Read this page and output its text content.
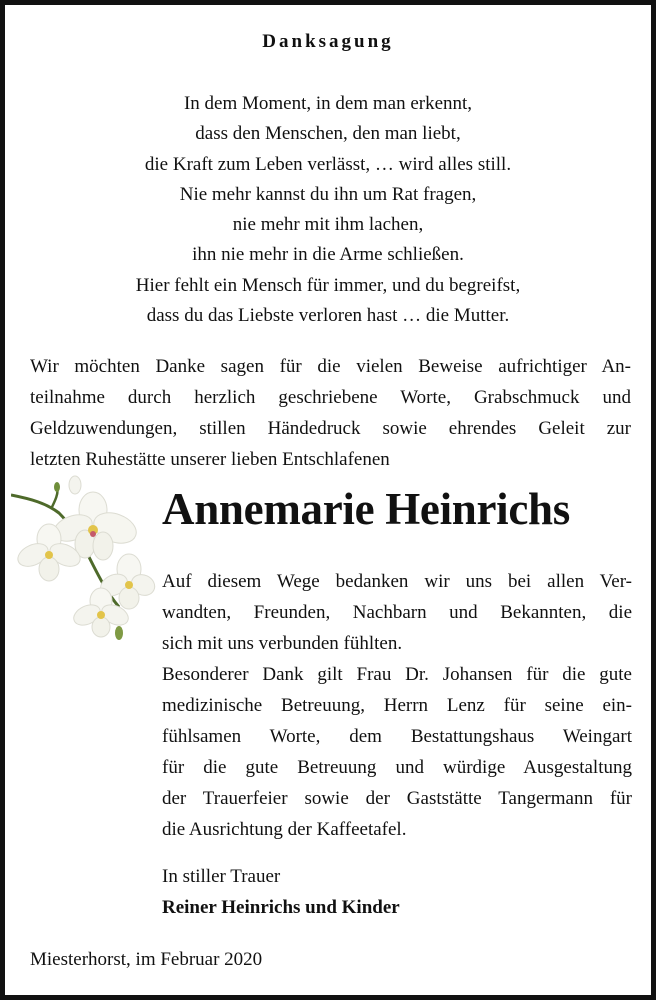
Danksagung
In dem Moment, in dem man erkennt,
dass den Menschen, den man liebt,
die Kraft zum Leben verlässt, … wird alles still.
Nie mehr kannst du ihn um Rat fragen,
nie mehr mit ihm lachen,
ihn nie mehr in die Arme schließen.
Hier fehlt ein Mensch für immer, und du begreifst,
dass du das Liebste verloren hast … die Mutter.
Wir möchten Danke sagen für die vielen Beweise aufrichtiger An-
teilnahme durch herzlich geschriebene Worte, Grabschmuck und
Geldzuwendungen, stillen Händedruck sowie ehrendes Geleit zur
letzten Ruhestätte unserer lieben Entschlafenen
Annemarie Heinrichs
Auf diesem Wege bedanken wir uns bei allen Ver-
wandten, Freunden, Nachbarn und Bekannten, die
sich mit uns verbunden fühlten.
Besonderer Dank gilt Frau Dr. Johansen für die gute
medizinische Betreuung, Herrn Lenz für seine ein-
fühlsamen Worte, dem Bestattungshaus Weingart
für die gute Betreuung und würdige Ausgestaltung
der Trauerfeier sowie der Gaststätte Tangermann für
die Ausrichtung der Kaffeetafel.
In stiller Trauer
Reiner Heinrichs und Kinder
Miesterhorst, im Februar 2020
